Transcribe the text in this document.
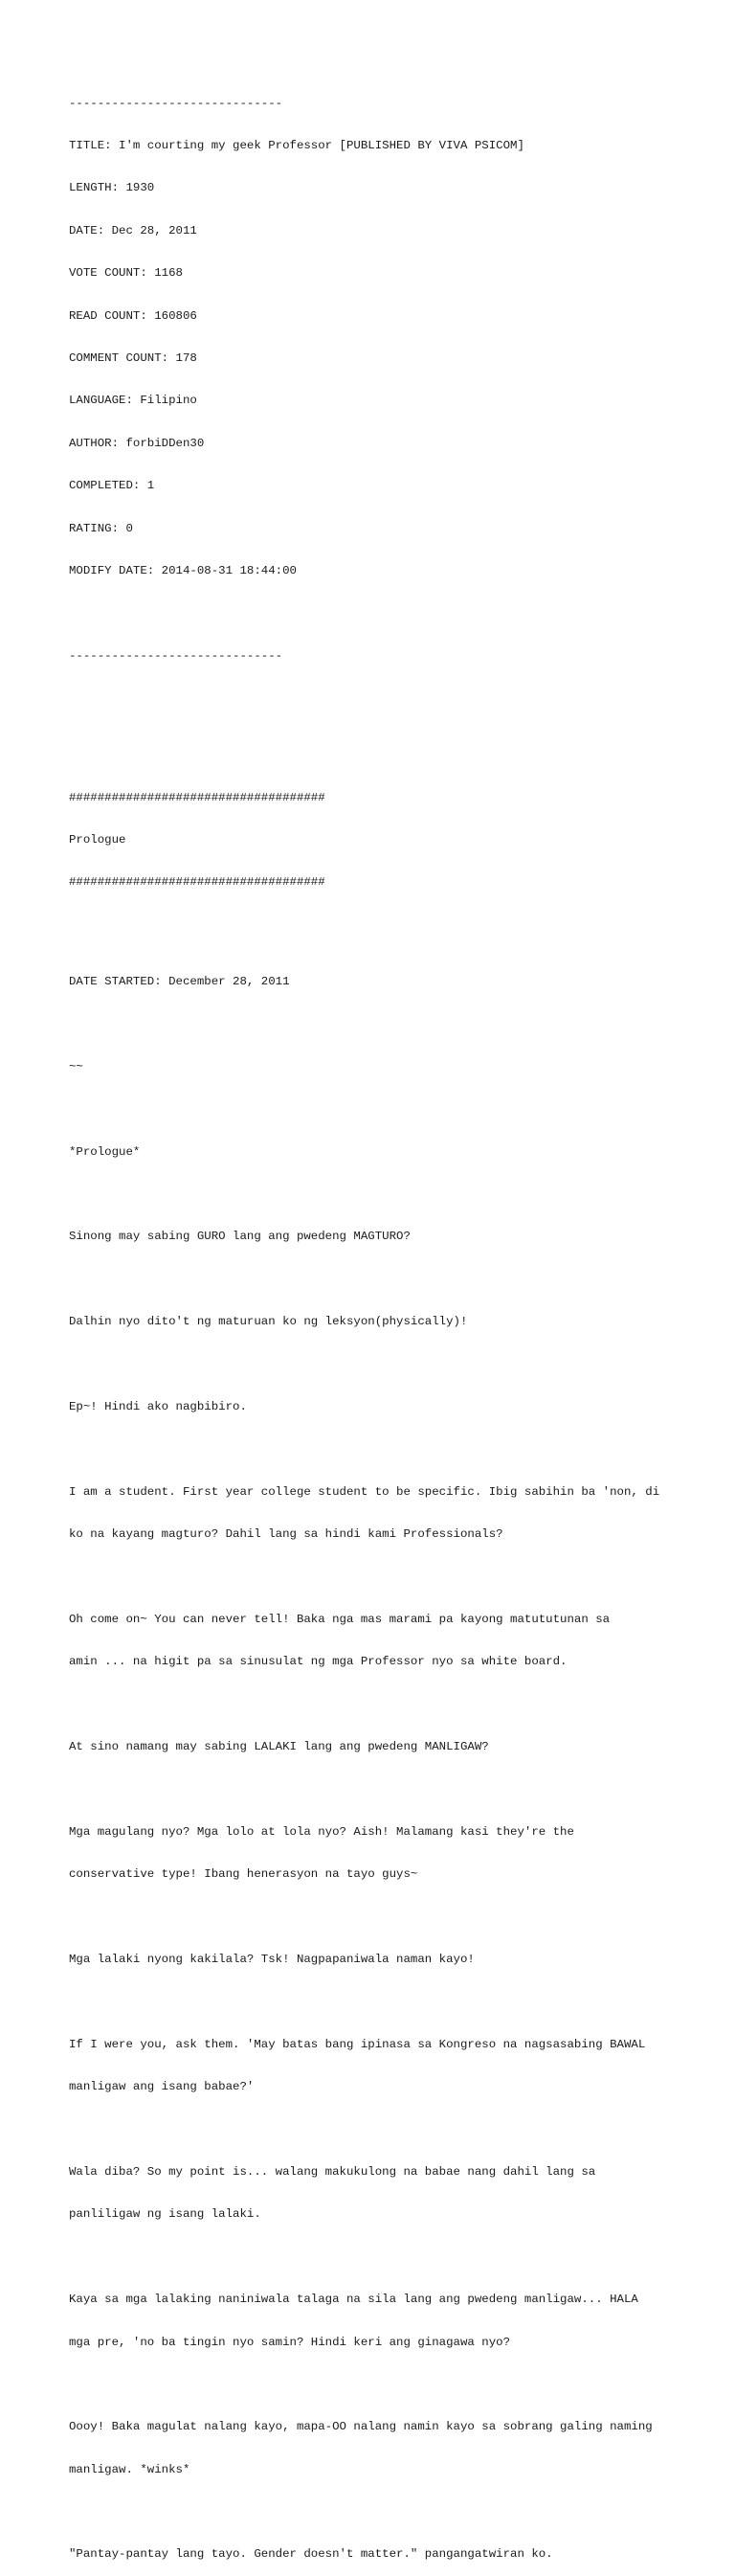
------------------------------

TITLE: I'm courting my geek Professor [PUBLISHED BY VIVA PSICOM]

LENGTH: 1930

DATE: Dec 28, 2011

VOTE COUNT: 1168

READ COUNT: 160806

COMMENT COUNT: 178

LANGUAGE: Filipino

AUTHOR: forbiDDen30

COMPLETED: 1

RATING: 0

MODIFY DATE: 2014-08-31 18:44:00

------------------------------

####################################

Prologue

####################################

DATE STARTED: December 28, 2011

~~

*Prologue*

Sinong may sabing GURO lang ang pwedeng MAGTURO?

Dalhin nyo dito't ng maturuan ko ng leksyon(physically)!

Ep~! Hindi ako nagbibiro.

I am a student. First year college student to be specific. Ibig sabihin ba 'non, di

ko na kayang magturo? Dahil lang sa hindi kami Professionals?

Oh come on~ You can never tell! Baka nga mas marami pa kayong matututunan sa

amin ... na higit pa sa sinusulat ng mga Professor nyo sa white board.

At sino namang may sabing LALAKI lang ang pwedeng MANLIGAW?

Mga magulang nyo? Mga lolo at lola nyo? Aish! Malamang kasi they're the

conservative type! Ibang henerasyon na tayo guys~

Mga lalaki nyong kakilala? Tsk! Nagpapaniwala naman kayo!

If I were you, ask them. 'May batas bang ipinasa sa Kongreso na nagsasabing BAWAL

manligaw ang isang babae?'

Wala diba? So my point is... walang makukulong na babae nang dahil lang sa

panliligaw ng isang lalaki.

Kaya sa mga lalaking naniniwala talaga na sila lang ang pwedeng manligaw... HALA

mga pre, 'no ba tingin nyo samin? Hindi keri ang ginagawa nyo?

Oooy! Baka magulat nalang kayo, mapa-OO nalang namin kayo sa sobrang galing naming

manligaw. *winks*

"Pantay-pantay lang tayo. Gender doesn't matter." pangangatwiran ko.
